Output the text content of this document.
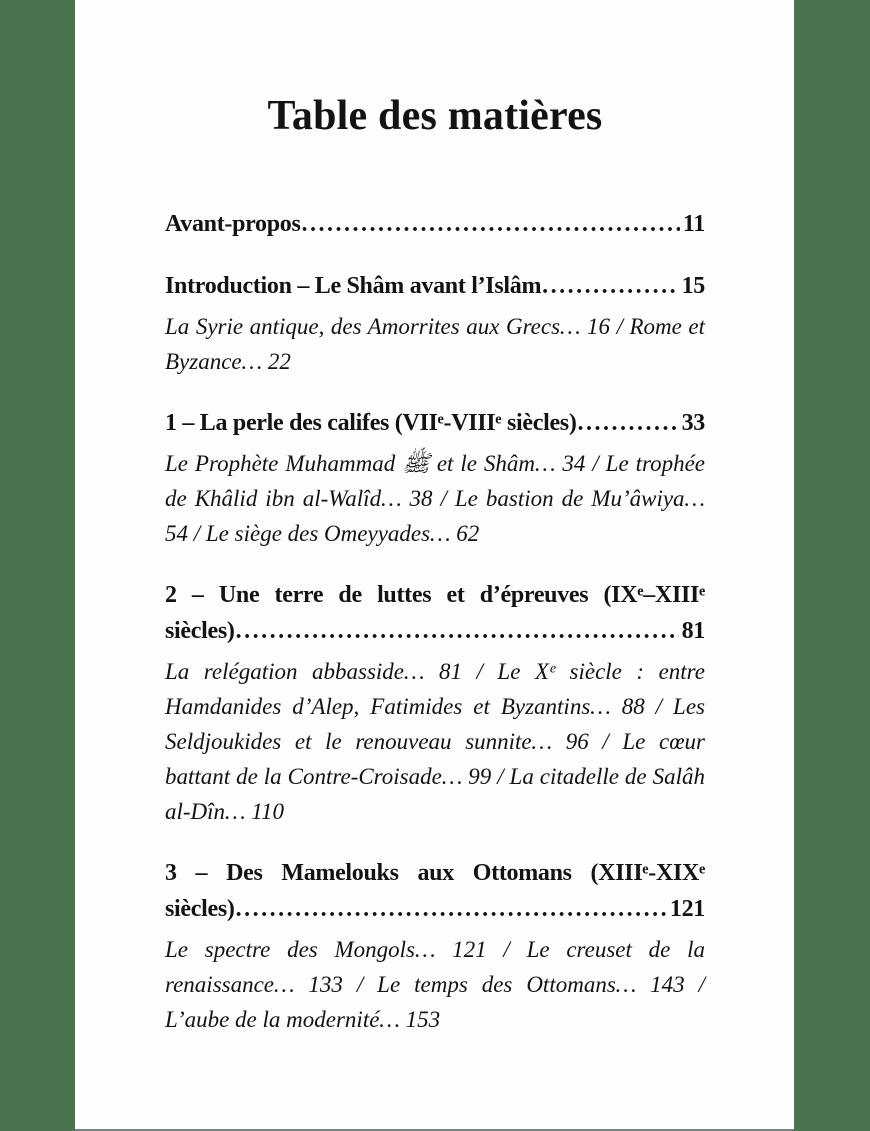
Table des matières
Avant-propos .....	11
Introduction – Le Shâm avant l’Islâm .....	15

La Syrie antique, des Amorrites aux Grecs… 16 / Rome et Byzance… 22

1 – La perle des califes (VIIᵉ-VIIIᵉ siècles) .....	33

Le Prophète Muhammad ﷺ et le Shâm… 34 / Le trophée de Khâlid ibn al-Walîd… 38 / Le bastion de Mu’âwiya… 54 / Le siège des Omeyyades… 62

2 – Une terre de luttes et d’épreuves (IXᵉ–XIIIᵉ
siècles) .....	81

La relégation abbasside… 81 / Le Xᵉ siècle : entre Hamdanides d’Alep, Fatimides et Byzantins… 88 / Les Seldjoukides et le renouveau sunnite… 96 / Le cœur battant de la Contre-Croisade… 99 / La citadelle de Salâh al-Dîn… 110

3 – Des Mamelouks aux Ottomans (XIIIᵉ-XIXᵉ
siècles) .....	121

Le spectre des Mongols… 121 / Le creuset de la renaissance… 133 / Le temps des Ottomans… 143 / L’aube de la modernité… 153
